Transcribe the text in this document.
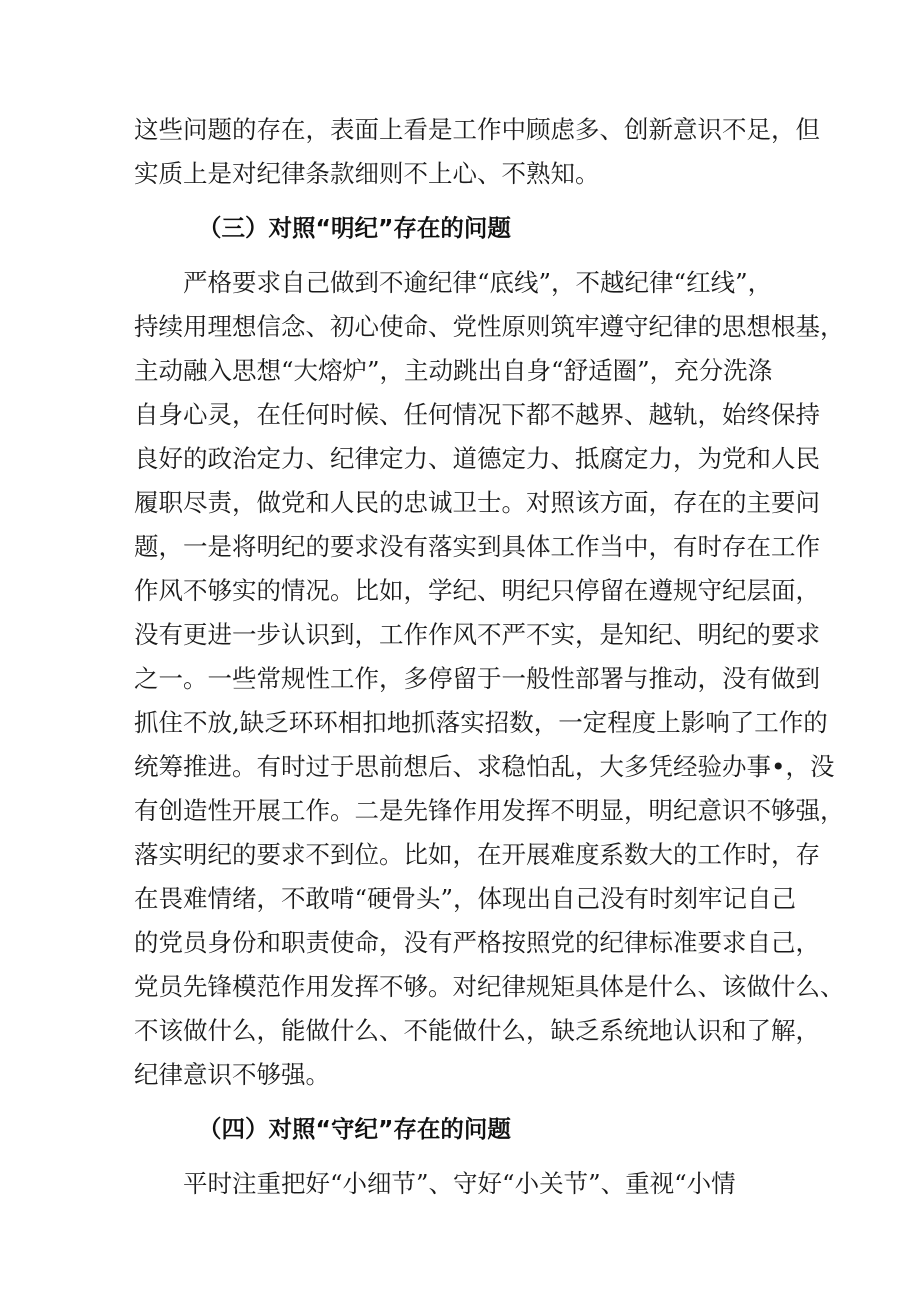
这些问题的存在，表面上看是工作中顾虑多、创新意识不足，但
实质上是对纪律条款细则不上心、不熟知。
（三）对照“明纪”存在的问题
严格要求自己做到不逾纪律“底线”，不越纪律“红线”，
持续用理想信念、初心使命、党性原则筑牢遵守纪律的思想根基，
主动融入思想“大熔炉”，主动跳出自身“舒适圈”，充分洗涤
自身心灵，在任何时候、任何情况下都不越界、越轨，始终保持
良好的政治定力、纪律定力、道德定力、抵腐定力，为党和人民
履职尽责，做党和人民的忠诚卫士。对照该方面，存在的主要问
题，一是将明纪的要求没有落实到具体工作当中，有时存在工作
作风不够实的情况。比如，学纪、明纪只停留在遵规守纪层面，
没有更进一步认识到，工作作风不严不实，是知纪、明纪的要求
之一。一些常规性工作，多停留于一般性部署与推动，没有做到
抓住不放,缺乏环环相扣地抓落实招数，一定程度上影响了工作的
统筹推进。有时过于思前想后、求稳怕乱，大多凭经验办事•，没
有创造性开展工作。二是先锋作用发挥不明显，明纪意识不够强，
落实明纪的要求不到位。比如，在开展难度系数大的工作时，存
在畏难情绪，不敢啃“硬骨头”，体现出自己没有时刻牢记自己
的党员身份和职责使命，没有严格按照党的纪律标准要求自己，
党员先锋模范作用发挥不够。对纪律规矩具体是什么、该做什么、
不该做什么，能做什么、不能做什么，缺乏系统地认识和了解，
纪律意识不够强。
（四）对照“守纪”存在的问题
平时注重把好“小细节”、守好“小关节”、重视“小情
